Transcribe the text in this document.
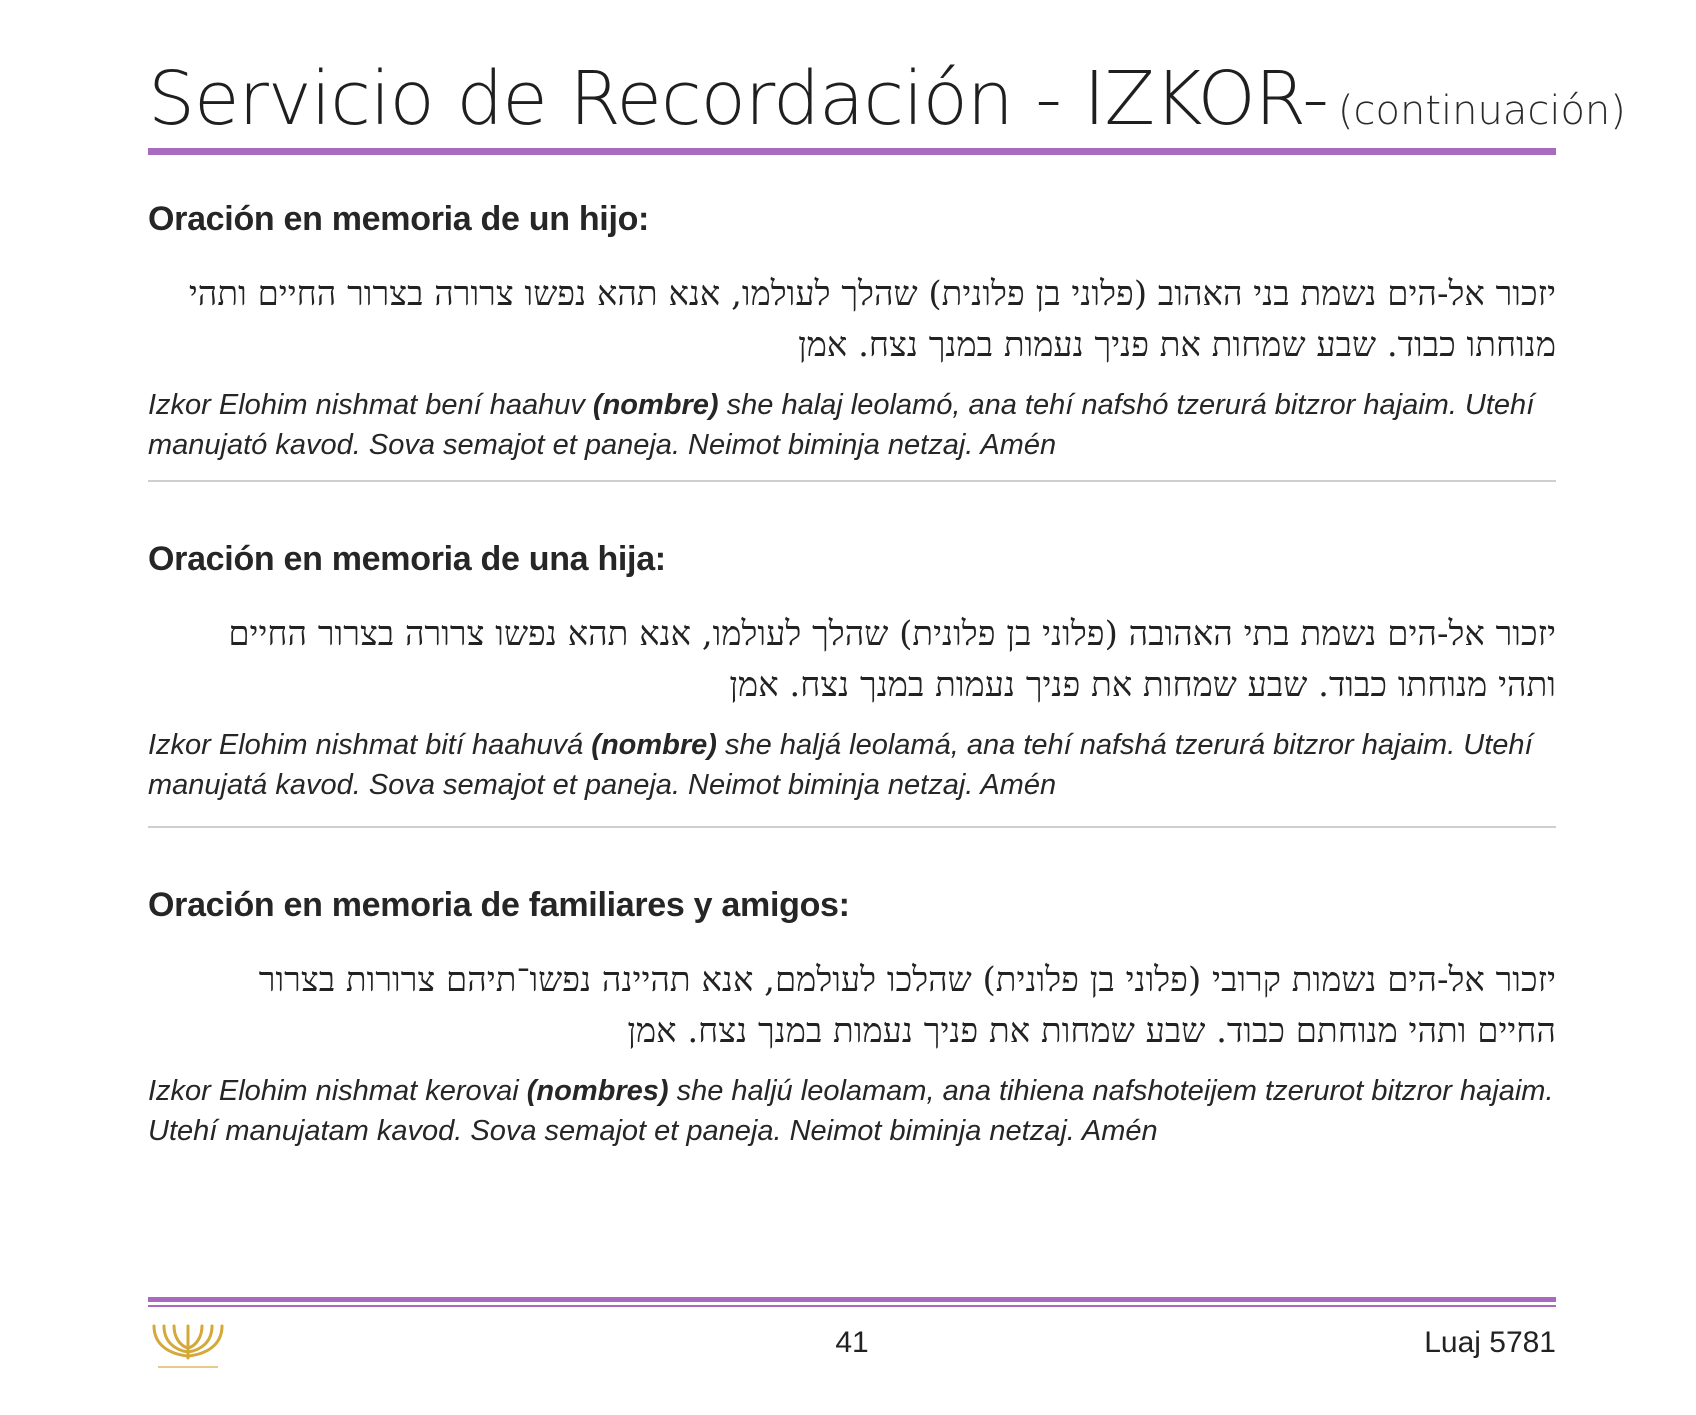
Servicio de Recordación - IZKOR- (continuación)
Oración en memoria de un hijo:

יזכור אל-הים נשמת בני האהוב (פלוני בן פלונית) שהלך לעולמו, אנא תהא נפשו צרורה בצרור החיים ותהי מנוחתו כבוד. שבע שמחות את פניך נעמות במנך נצח. אמן

Izkor Elohim nishmat bení haahuv (nombre) she halaj leolamó, ana tehí nafshó tzerurá bitzror hajaim. Utehí manujató kavod. Sova semajot et paneja. Neimot biminja netzaj. Amén

Oración en memoria de una hija:

יזכור אל-הים נשמת בתי האהובה (פלוני בן פלונית) שהלך לעולמו, אנא תהא נפשו צרורה בצרור החיים ותהי מנוחתו כבוד. שבע שמחות את פניך נעמות במנך נצח. אמן

Izkor Elohim nishmat bití haahuvá (nombre) she haljá leolamá, ana tehí nafshá tzerurá bitzror hajaim. Utehí manujatá kavod. Sova semajot et paneja. Neimot biminja netzaj. Amén

Oración en memoria de familiares y amigos:

יזכור אל-הים נשמות קרובי (פלוני בן פלונית) שהלכו לעולמם, אנא תהיינה נפשו־תיהם צרורות בצרור החיים ותהי מנוחתם כבוד. שבע שמחות את פניך נעמות במנך נצח. אמן

Izkor Elohim nishmat kerovai (nombres) she haljú leolamam, ana tihiena nafshoteijem tzerurot bitzror hajaim. Utehí manujatam kavod. Sova semajot et paneja. Neimot biminja netzaj. Amén

41	Luaj 5781
